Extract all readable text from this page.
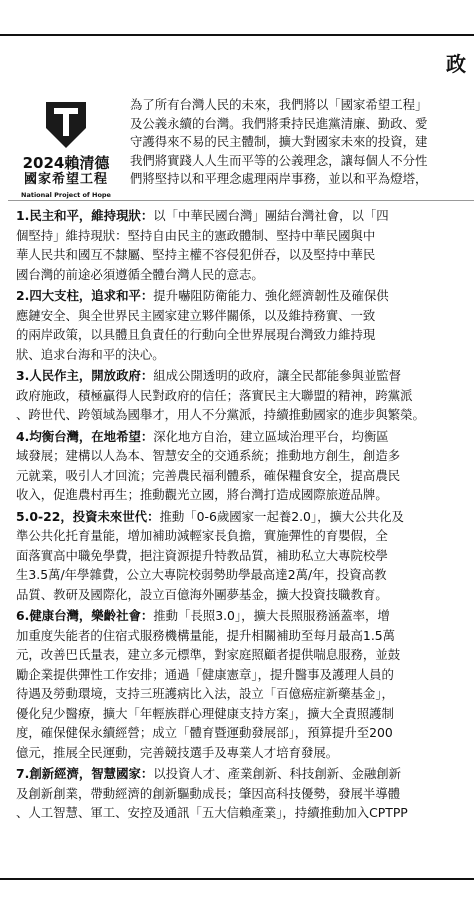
政
2024賴清德
國家希望工程
National Project of Hope
為了所有台灣人民的未來，我們將以「國家希望工程」
及公義永續的台灣。我們將秉持民進黨清廉、勤政、愛
守護得來不易的民主體制，擴大對國家未來的投資，建
我們將實踐人人生而平等的公義理念，讓每個人不分性
們將堅持以和平理念處理兩岸事務，並以和平為燈塔，
1.民主和平，維持現狀：以「中華民國台灣」團結台灣社會，以「四
個堅持」維持現狀：堅持自由民主的憲政體制、堅持中華民國與中
華人民共和國互不隸屬、堅持主權不容侵犯併吞，以及堅持中華民
國台灣的前途必須遵循全體台灣人民的意志。
2.四大支柱，追求和平：提升嚇阻防衛能力、強化經濟韌性及確保供
應鏈安全、與全世界民主國家建立夥伴關係，以及維持務實、一致
的兩岸政策，以具體且負責任的行動向全世界展現台灣致力維持現
狀、追求台海和平的決心。
3.人民作主，開放政府：組成公開透明的政府，讓全民都能參與並監督
政府施政，積極贏得人民對政府的信任；落實民主大聯盟的精神，跨黨派
、跨世代、跨領域為國舉才，用人不分黨派，持續推動國家的進步與繁榮。
4.均衡台灣，在地希望：深化地方自治，建立區域治理平台，均衡區
域發展；建構以人為本、智慧安全的交通系統；推動地方創生，創造多
元就業，吸引人才回流；完善農民福利體系，確保糧食安全，提高農民
收入，促進農村再生；推動觀光立國，將台灣打造成國際旅遊品牌。
5.0-22，投資未來世代：推動「0-6歲國家一起養2.0」，擴大公共化及
準公共化托育量能，增加補助減輕家長負擔，實施彈性的育嬰假，全
面落實高中職免學費，挹注資源提升特教品質，補助私立大專院校學
生3.5萬/年學雜費，公立大專院校弱勢助學最高達2萬/年，投資高教
品質、教研及國際化，設立百億海外團夢基金，擴大投資技職教育。
6.健康台灣，樂齡社會：推動「長照3.0」，擴大長照服務涵蓋率，增
加重度失能者的住宿式服務機構量能，提升相關補助至每月最高1.5萬
元，改善巴氏量表，建立多元標準，對家庭照顧者提供喘息服務，並鼓
勵企業提供彈性工作安排；通過「健康憲章」，提升醫事及護理人員的
待遇及勞動環境，支持三班護病比入法，設立「百億癌症新藥基金」，
優化兒少醫療，擴大「年輕族群心理健康支持方案」，擴大全責照護制
度，確保健保永續經營；成立「體育暨運動發展部」，預算提升至200
億元，推展全民運動，完善競技選手及專業人才培育發展。
7.創新經濟，智慧國家：以投資人才、產業創新、科技創新、金融創新
及創新創業，帶動經濟的創新驅動成長；肇因高科技優勢，發展半導體
、人工智慧、軍工、安控及通訊「五大信賴產業」，持續推動加入CPTPP
